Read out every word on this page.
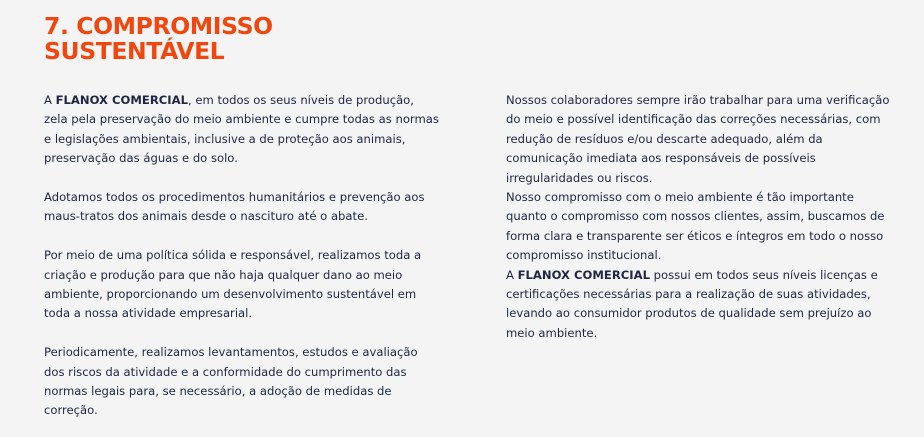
7. COMPROMISSO
SUSTENTÁVEL

A FLANOX COMERCIAL, em todos os seus níveis de produção, zela pela preservação do meio ambiente e cumpre todas as normas e legislações ambientais, inclusive a de proteção aos animais, preservação das águas e do solo.

Adotamos todos os procedimentos humanitários e prevenção aos maus-tratos dos animais desde o nascituro até o abate.

Por meio de uma política sólida e responsável, realizamos toda a criação e produção para que não haja qualquer dano ao meio ambiente, proporcionando um desenvolvimento sustentável em toda a nossa atividade empresarial.

Periodicamente, realizamos levantamentos, estudos e avaliação dos riscos da atividade e a conformidade do cumprimento das normas legais para, se necessário, a adoção de medidas de correção.

Nossos colaboradores sempre irão trabalhar para uma verificação do meio e possível identificação das correções necessárias, com redução de resíduos e/ou descarte adequado, além da comunicação imediata aos responsáveis de possíveis irregularidades ou riscos.

Nosso compromisso com o meio ambiente é tão importante quanto o compromisso com nossos clientes, assim, buscamos de forma clara e transparente ser éticos e íntegros em todo o nosso compromisso institucional.

A FLANOX COMERCIAL possui em todos seus níveis licenças e certificações necessárias para a realização de suas atividades, levando ao consumidor produtos de qualidade sem prejuízo ao meio ambiente.
